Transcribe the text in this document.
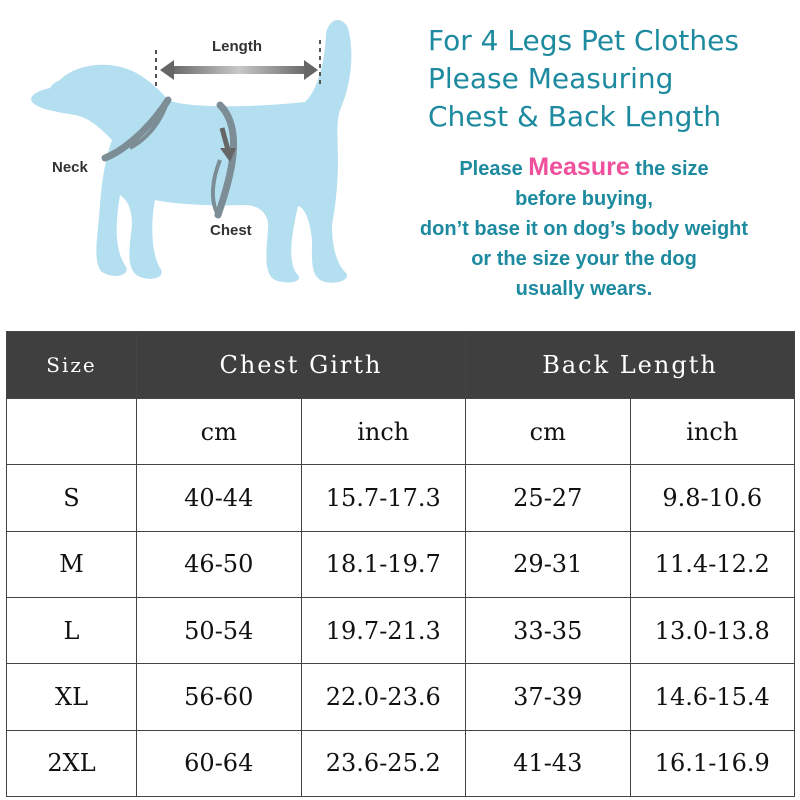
Length
Neck
Chest
For 4 Legs Pet Clothes
Please Measuring
Chest & Back Length
Please Measure the size
before buying,
don’t base it on dog’s body weight
or the size your the dog
usually wears.
Size	Chest Girth		Back Length	
	cm	inch	cm	inch
S	40-44	15.7-17.3	25-27	9.8-10.6
M	46-50	18.1-19.7	29-31	11.4-12.2
L	50-54	19.7-21.3	33-35	13.0-13.8
XL	56-60	22.0-23.6	37-39	14.6-15.4
2XL	60-64	23.6-25.2	41-43	16.1-16.9
